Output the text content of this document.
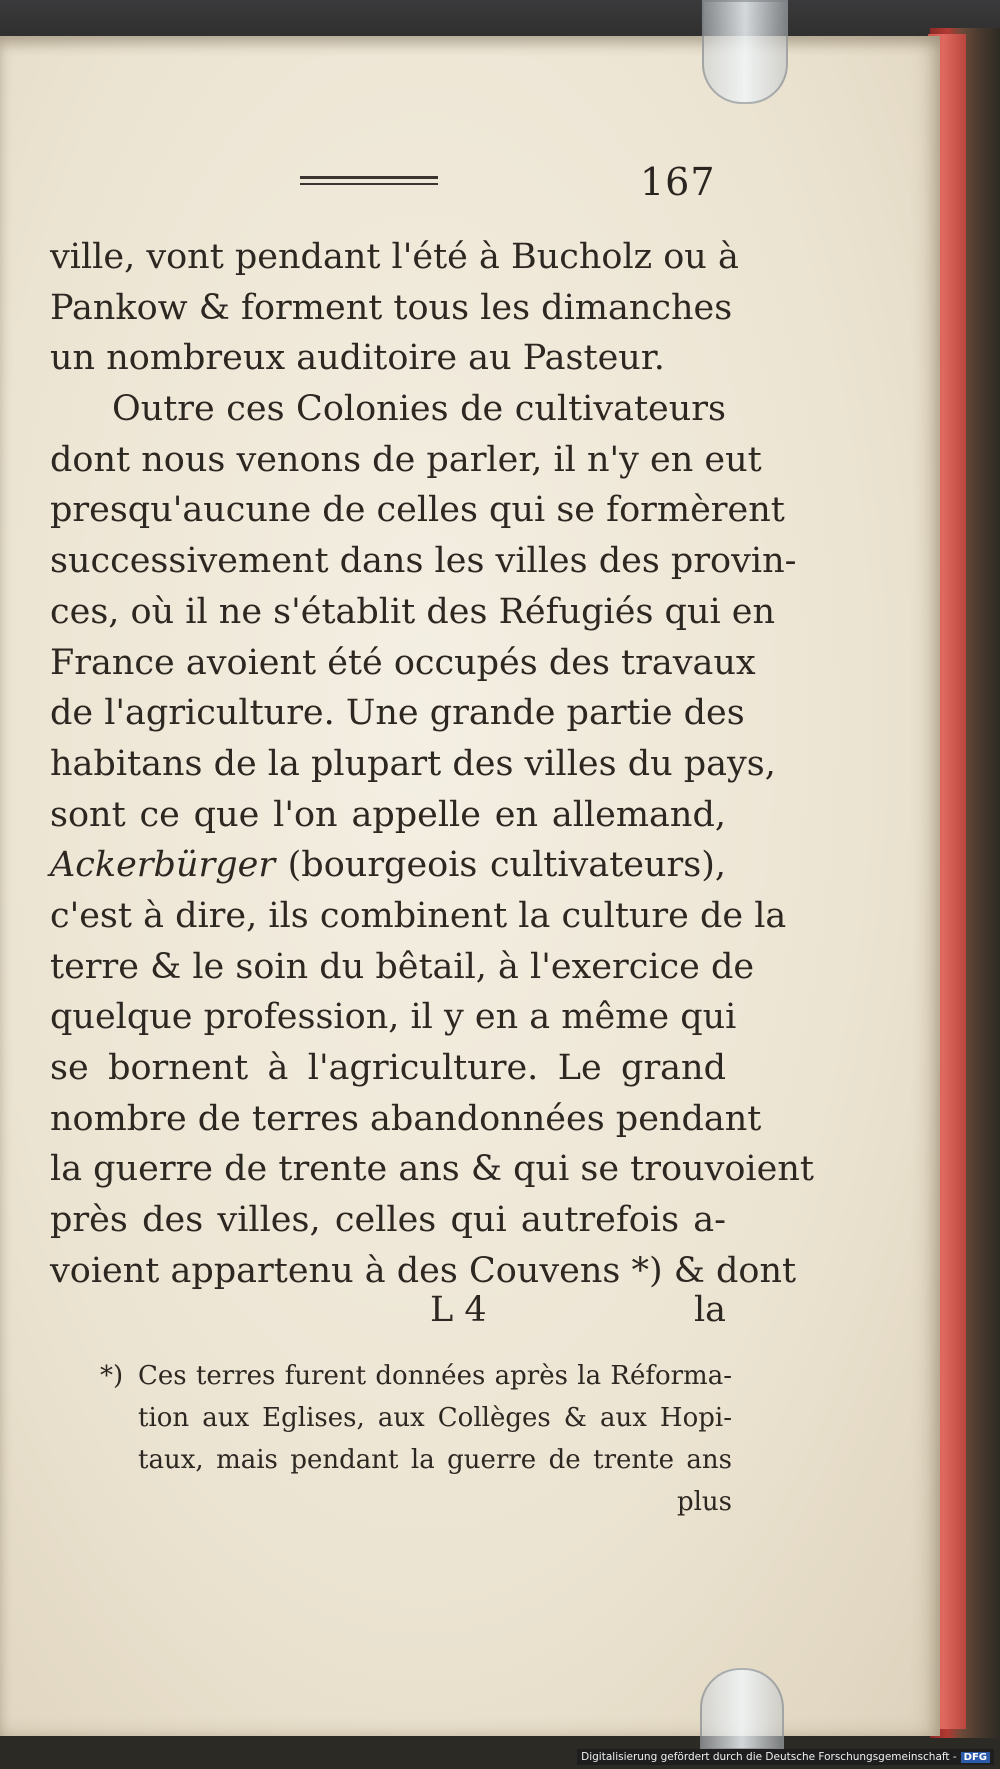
167
ville, vont pendant l'été à Bucholz ou à
Pankow & forment tous les dimanches
un nombreux auditoire au Pasteur.
Outre ces Colonies de cultivateurs
dont nous venons de parler, il n'y en eut
presqu'aucune de celles qui se formèrent
successivement dans les villes des provin-
ces, où il ne s'établit des Réfugiés qui en
France avoient été occupés des travaux
de l'agriculture. Une grande partie des
habitans de la plupart des villes du pays,
sont ce que l'on appelle en allemand,
Ackerbürger (bourgeois cultivateurs),
c'est à dire, ils combinent la culture de la
terre & le soin du bêtail, à l'exercice de
quelque profession, il y en a même qui
se bornent à l'agriculture. Le grand
nombre de terres abandonnées pendant
la guerre de trente ans & qui se trouvoient
près des villes, celles qui autrefois a-
voient appartenu à des Couvens *) & dont
L 4	la
*) Ces terres furent données après la Réforma-
tion aux Eglises, aux Collèges & aux Hopi-
taux, mais pendant la guerre de trente ans
plus
Digitalisierung gefördert durch die Deutsche Forschungsgemeinschaft - DFG
